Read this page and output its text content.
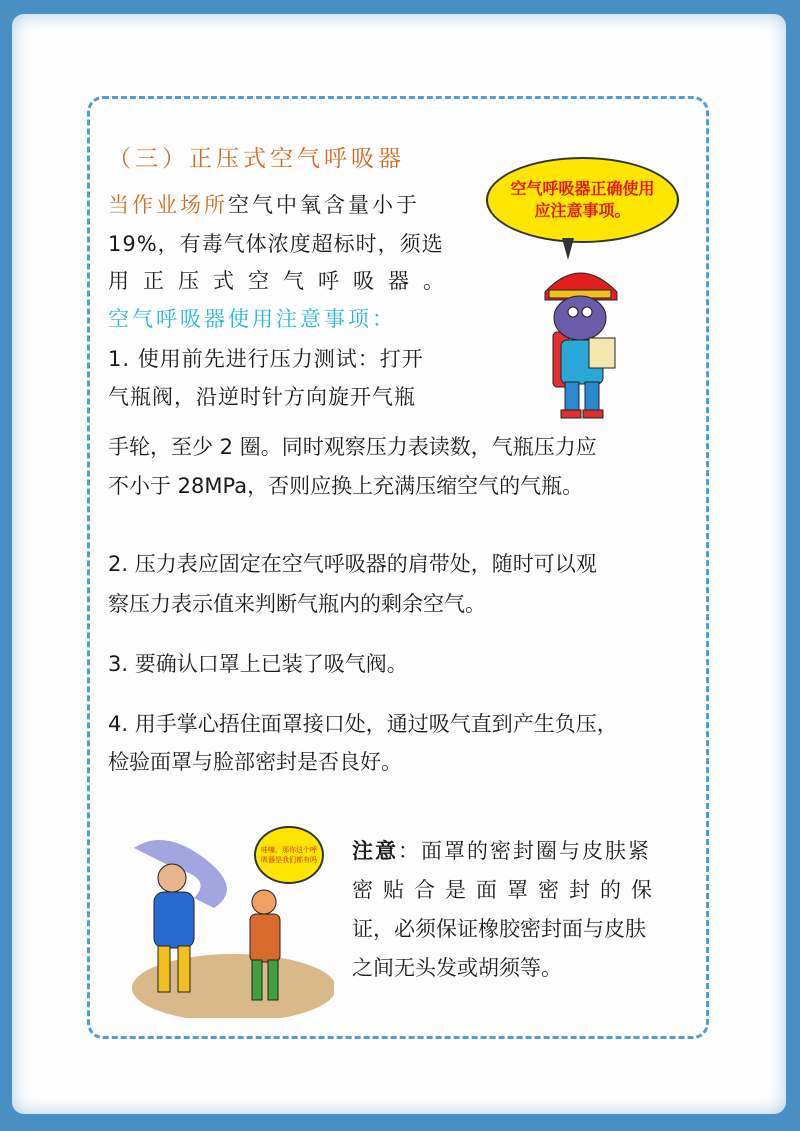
（三）正压式空气呼吸器

当作业场所空气中氧含量小于

19%，有毒气体浓度超标时，须选

用正压式空气呼吸器。

空气呼吸器使用注意事项：

1. 使用前先进行压力测试：打开

气瓶阀，沿逆时针方向旋开气瓶

手轮，至少 2 圈。同时观察压力表读数，气瓶压力应

不小于 28MPa，否则应换上充满压缩空气的气瓶。

2. 压力表应固定在空气呼吸器的肩带处，随时可以观

察压力表示值来判断气瓶内的剩余空气。

3. 要确认口罩上已装了吸气阀。

4. 用手掌心捂住面罩接口处，通过吸气直到产生负压，

检验面罩与脸部密封是否良好。

空气呼吸器正确使用应注意事项。
哇噻，那你这个呼吸器是我们都有吗	注意：面罩的密封圈与皮肤紧

密贴合是面罩密封的保

证，必须保证橡胶密封面与皮肤

之间无头发或胡须等。
